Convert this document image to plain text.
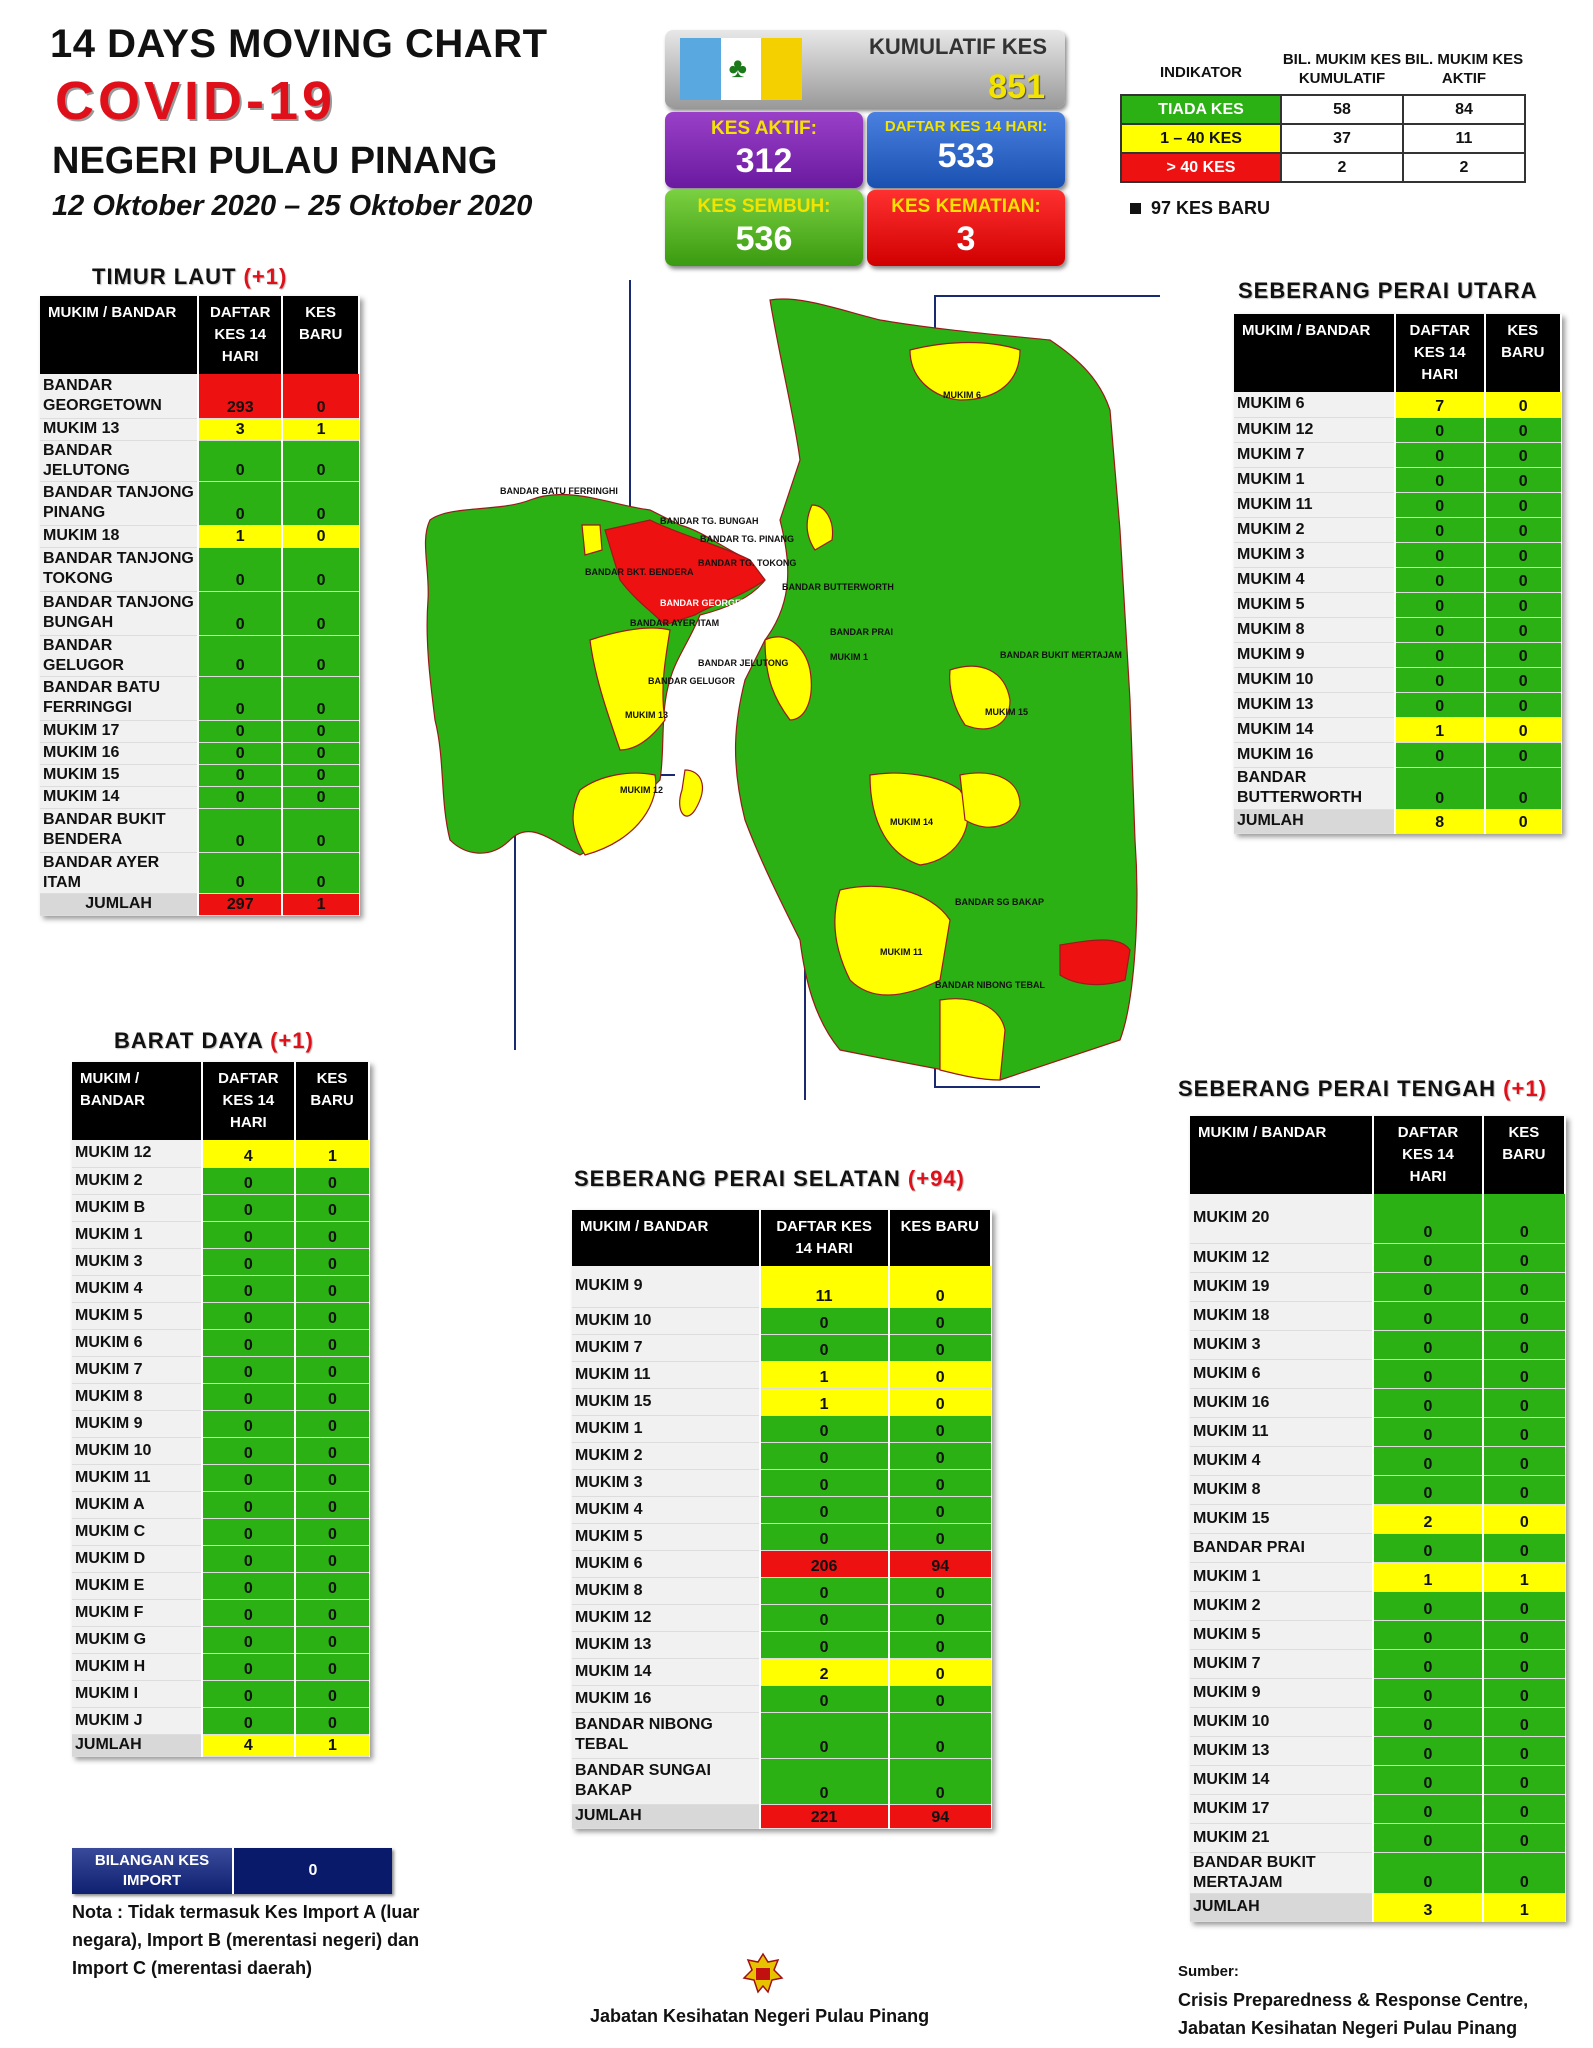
14 DAYS MOVING CHART
COVID-19
NEGERI PULAU PINANG
12 Oktober 2020 – 25 Oktober 2020
♣
KUMULATIF KES
851
KES AKTIF:
312
DAFTAR KES 14 HARI:
533
KES SEMBUH:
536
KES KEMATIAN:
3
INDIKATOR	BIL. MUKIM KES KUMULATIF	BIL. MUKIM KES AKTIF
TIADA KES	58	84
1 – 40 KES	37	11
> 40 KES	2	2
97 KES BARU
TIMUR LAUT (+1)
BARAT DAYA (+1)
SEBERANG PERAI UTARA
SEBERANG PERAI TENGAH (+1)
SEBERANG PERAI SELATAN (+94)
MUKIM / BANDAR	DAFTAR KES 14 HARI	KES BARU
BANDAR GEORGETOWN	293	0
MUKIM 13	3	1
BANDAR JELUTONG	0	0
BANDAR TANJONG PINANG	0	0
MUKIM 18	1	0
BANDAR TANJONG TOKONG	0	0
BANDAR TANJONG BUNGAH	0	0
BANDAR GELUGOR	0	0
BANDAR BATU FERRINGGI	0	0
MUKIM 17	0	0
MUKIM 16	0	0
MUKIM 15	0	0
MUKIM 14	0	0
BANDAR BUKIT BENDERA	0	0
BANDAR AYER ITAM	0	0
JUMLAH	297	1
MUKIM / BANDAR	DAFTAR KES 14 HARI	KES BARU
MUKIM 12	4	1
MUKIM 2	0	0
MUKIM B	0	0
MUKIM 1	0	0
MUKIM 3	0	0
MUKIM 4	0	0
MUKIM 5	0	0
MUKIM 6	0	0
MUKIM 7	0	0
MUKIM 8	0	0
MUKIM 9	0	0
MUKIM 10	0	0
MUKIM 11	0	0
MUKIM A	0	0
MUKIM C	0	0
MUKIM D	0	0
MUKIM E	0	0
MUKIM F	0	0
MUKIM G	0	0
MUKIM H	0	0
MUKIM I	0	0
MUKIM J	0	0
JUMLAH	4	1
MUKIM / BANDAR	DAFTAR KES 14 HARI	KES BARU
MUKIM 6	7	0
MUKIM 12	0	0
MUKIM 7	0	0
MUKIM 1	0	0
MUKIM 11	0	0
MUKIM 2	0	0
MUKIM 3	0	0
MUKIM 4	0	0
MUKIM 5	0	0
MUKIM 8	0	0
MUKIM 9	0	0
MUKIM 10	0	0
MUKIM 13	0	0
MUKIM 14	1	0
MUKIM 16	0	0
BANDAR BUTTERWORTH	0	0
JUMLAH	8	0
MUKIM / BANDAR	DAFTAR KES 14 HARI	KES BARU
MUKIM 20	0	0
MUKIM 12	0	0
MUKIM 19	0	0
MUKIM 18	0	0
MUKIM 3	0	0
MUKIM 6	0	0
MUKIM 16	0	0
MUKIM 11	0	0
MUKIM 4	0	0
MUKIM 8	0	0
MUKIM 15	2	0
BANDAR PRAI	0	0
MUKIM 1	1	1
MUKIM 2	0	0
MUKIM 5	0	0
MUKIM 7	0	0
MUKIM 9	0	0
MUKIM 10	0	0
MUKIM 13	0	0
MUKIM 14	0	0
MUKIM 17	0	0
MUKIM 21	0	0
BANDAR BUKIT MERTAJAM	0	0
JUMLAH	3	1
MUKIM / BANDAR	DAFTAR KES 14 HARI	KES BARU
MUKIM 9	11	0
MUKIM 10	0	0
MUKIM 7	0	0
MUKIM 11	1	0
MUKIM 15	1	0
MUKIM 1	0	0
MUKIM 2	0	0
MUKIM 3	0	0
MUKIM 4	0	0
MUKIM 5	0	0
MUKIM 6	206	94
MUKIM 8	0	0
MUKIM 12	0	0
MUKIM 13	0	0
MUKIM 14	2	0
MUKIM 16	0	0
BANDAR NIBONG TEBAL	0	0
BANDAR SUNGAI BAKAP	0	0
JUMLAH	221	94
BANDAR BATU FERRINGHI
BANDAR TG. BUNGAH
BANDAR TG. PINANG
BANDAR TG. TOKONG
BANDAR BKT. BENDERA
BANDAR GEORGETOWN
BANDAR AYER ITAM
BANDAR JELUTONG
BANDAR GELUGOR
MUKIM 13
MUKIM 12
BANDAR BUTTERWORTH
BANDAR PRAI
MUKIM 1	BANDAR BUKIT MERTAJAM
MUKIM 6
MUKIM 15
MUKIM 14
BANDAR SG BAKAP
MUKIM 11
BANDAR NIBONG TEBAL
BILANGAN KES IMPORT
0
Nota : Tidak termasuk Kes Import A (luar negara), Import B (merentasi negeri) dan Import C (merentasi daerah)
Jabatan Kesihatan Negeri Pulau Pinang
Sumber:
Crisis Preparedness & Response Centre,
Jabatan Kesihatan Negeri Pulau Pinang
